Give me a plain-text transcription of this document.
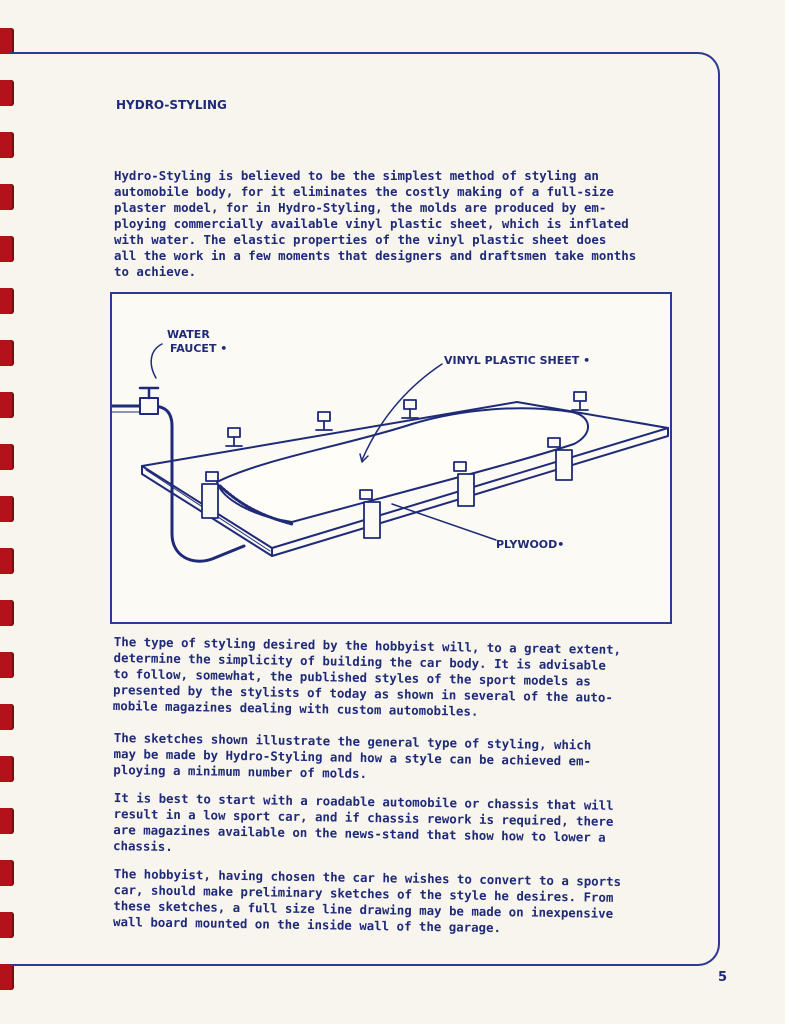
HYDRO-STYLING

Hydro-Styling is believed to be the simplest method of styling an
automobile body, for it eliminates the costly making of a full-size
plaster model, for in Hydro-Styling, the molds are produced by em-
ploying commercially available vinyl plastic sheet, which is inflated
with water. The elastic properties of the vinyl plastic sheet does
all the work in a few moments that designers and draftsmen take months
to achieve.

WATER
FAUCET •
VINYL PLASTIC SHEET •
PLYWOOD•

The type of styling desired by the hobbyist will, to a great extent,
determine the simplicity of building the car body. It is advisable
to follow, somewhat, the published styles of the sport models as
presented by the stylists of today as shown in several of the auto-
mobile magazines dealing with custom automobiles.

The sketches shown illustrate the general type of styling, which
may be made by Hydro-Styling and how a style can be achieved em-
ploying a minimum number of molds.

It is best to start with a roadable automobile or chassis that will
result in a low sport car, and if chassis rework is required, there
are magazines available on the news-stand that show how to lower a
chassis.

The hobbyist, having chosen the car he wishes to convert to a sports
car, should make preliminary sketches of the style he desires. From
these sketches, a full size line drawing may be made on inexpensive
wall board mounted on the inside wall of the garage.

5
